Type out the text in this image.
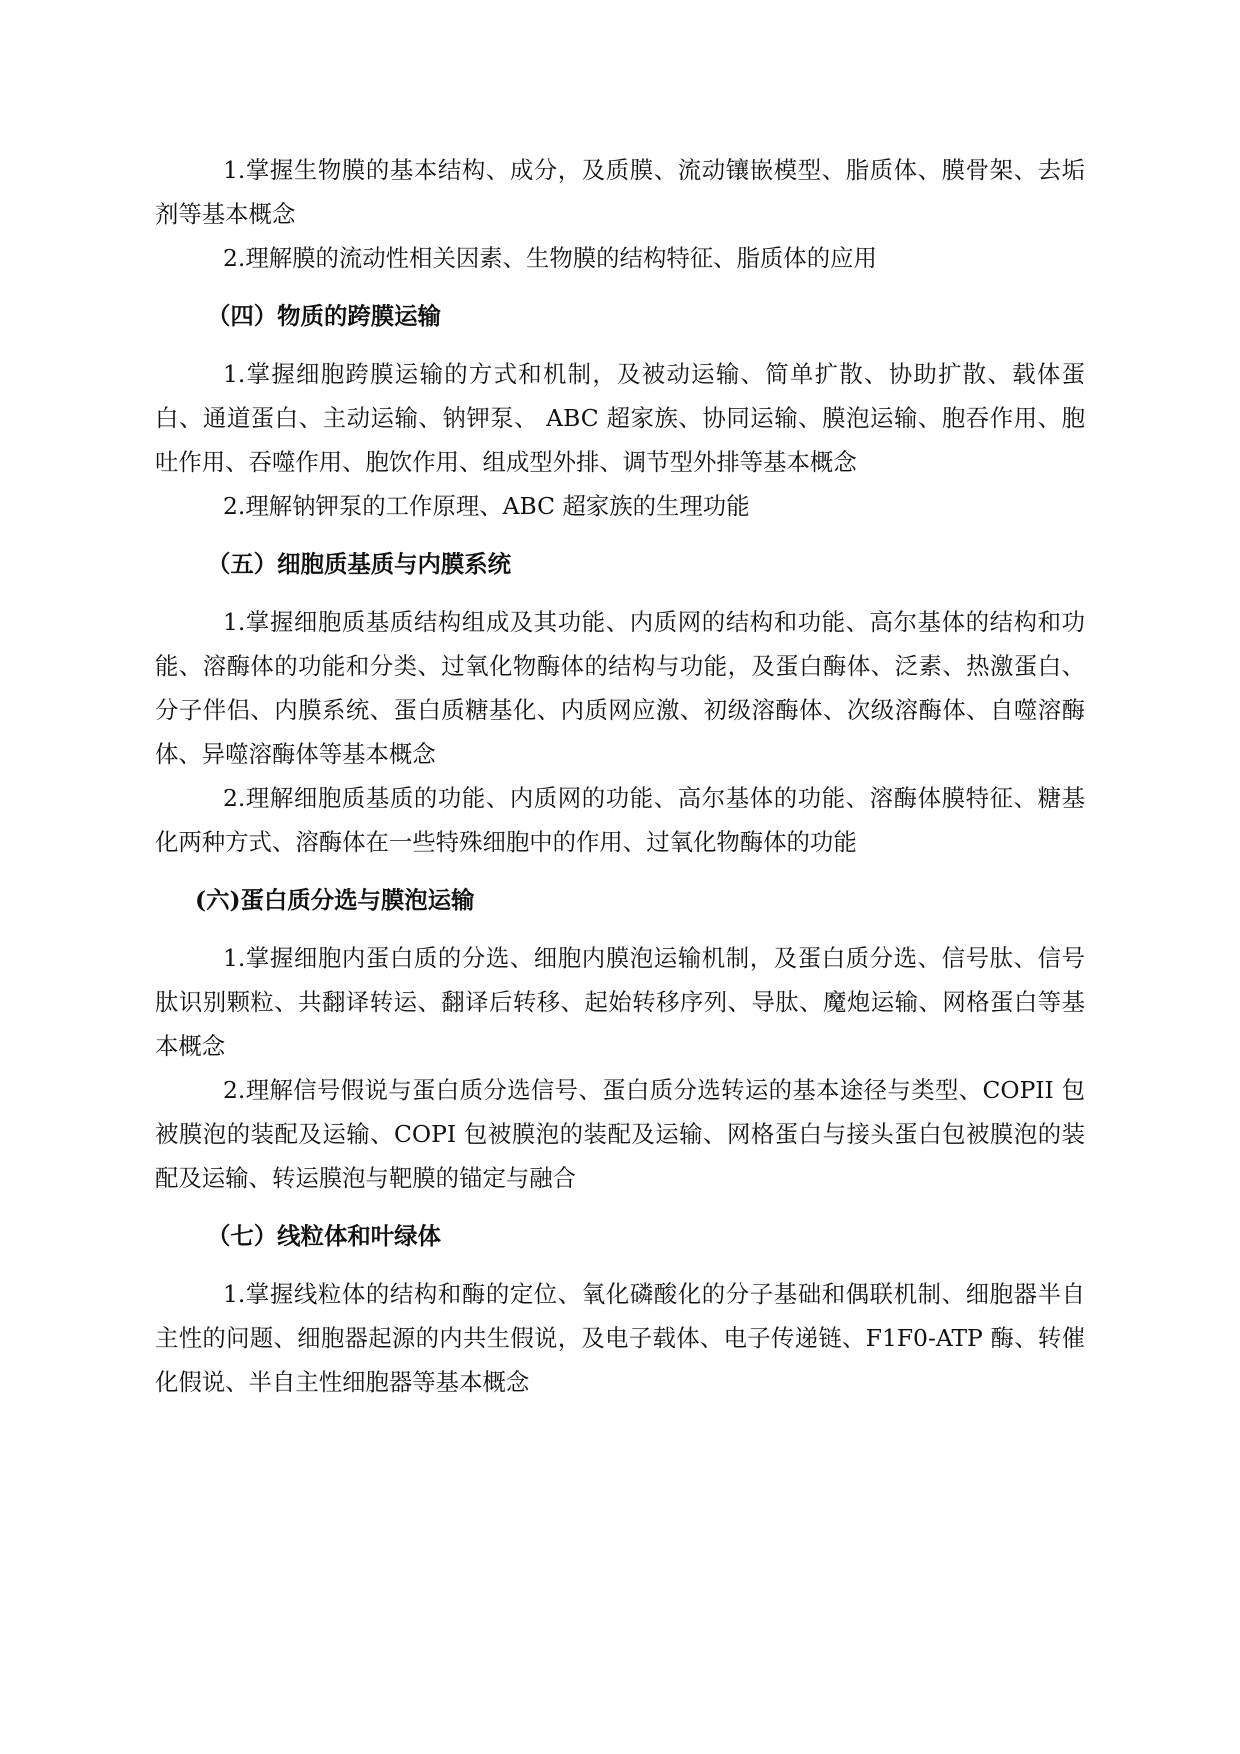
1.掌握生物膜的基本结构、成分，及质膜、流动镶嵌模型、脂质体、膜骨架、去垢剂等基本概念

2.理解膜的流动性相关因素、生物膜的结构特征、脂质体的应用

（四）物质的跨膜运输

1.掌握细胞跨膜运输的方式和机制，及被动运输、简单扩散、协助扩散、载体蛋白、通道蛋白、主动运输、钠钾泵、 ABC 超家族、协同运输、膜泡运输、胞吞作用、胞吐作用、吞噬作用、胞饮作用、组成型外排、调节型外排等基本概念

2.理解钠钾泵的工作原理、ABC 超家族的生理功能

（五）细胞质基质与内膜系统

1.掌握细胞质基质结构组成及其功能、内质网的结构和功能、高尔基体的结构和功能、溶酶体的功能和分类、过氧化物酶体的结构与功能，及蛋白酶体、泛素、热激蛋白、分子伴侣、内膜系统、蛋白质糖基化、内质网应激、初级溶酶体、次级溶酶体、自噬溶酶体、异噬溶酶体等基本概念

2.理解细胞质基质的功能、内质网的功能、高尔基体的功能、溶酶体膜特征、糖基化两种方式、溶酶体在一些特殊细胞中的作用、过氧化物酶体的功能

(六)蛋白质分选与膜泡运输

1.掌握细胞内蛋白质的分选、细胞内膜泡运输机制，及蛋白质分选、信号肽、信号肽识别颗粒、共翻译转运、翻译后转移、起始转移序列、导肽、魔炮运输、网格蛋白等基本概念

2.理解信号假说与蛋白质分选信号、蛋白质分选转运的基本途径与类型、COPII 包被膜泡的装配及运输、COPI 包被膜泡的装配及运输、网格蛋白与接头蛋白包被膜泡的装配及运输、转运膜泡与靶膜的锚定与融合

（七）线粒体和叶绿体

1.掌握线粒体的结构和酶的定位、氧化磷酸化的分子基础和偶联机制、细胞器半自主性的问题、细胞器起源的内共生假说，及电子载体、电子传递链、F1F0-ATP 酶、转催化假说、半自主性细胞器等基本概念
